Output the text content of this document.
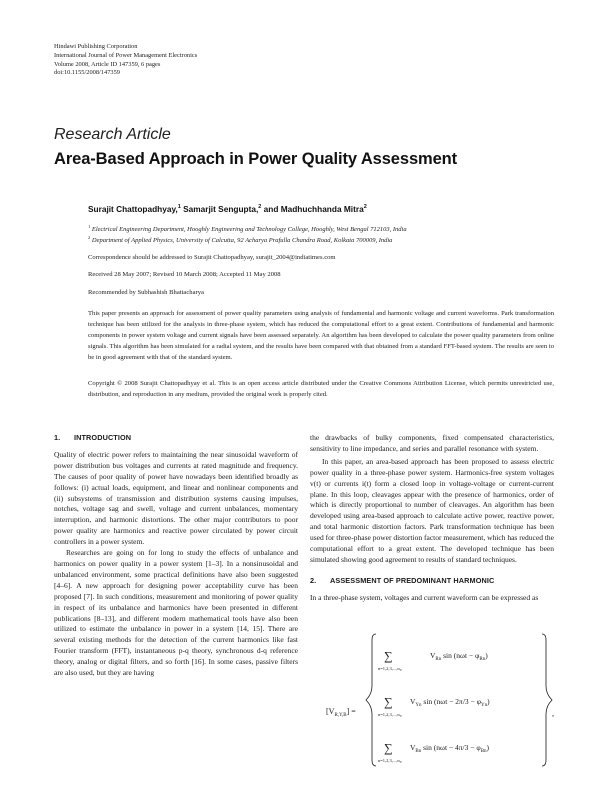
Hindawi Publishing Corporation
International Journal of Power Management Electronics
Volume 2008, Article ID 147359, 6 pages
doi:10.1155/2008/147359
Research Article
Area-Based Approach in Power Quality Assessment
Surajit Chattopadhyay,$^1$ Samarjit Sengupta,$^2$ and Madhuchhanda Mitra$^2$
$^1$ Electrical Engineering Department, Hooghly Engineering and Technology College, Hooghly, West Bengal 712103, India
$^2$ Department of Applied Physics, University of Calcutta, 92 Acharya Prafulla Chandra Road, Kolkata 700009, India
Correspondence should be addressed to Surajit Chattopadhyay, surajit_2004@indiatimes.com
Received 28 May 2007; Revised 10 March 2008; Accepted 11 May 2008
Recommended by Subhashish Bhattacharya
This paper presents an approach for assessment of power quality parameters using analysis of fundamental and harmonic voltage and current waveforms. Park transformation technique has been utilized for the analysis in three-phase system, which has reduced the computational effort to a great extent. Contributions of fundamental and harmonic components in power system voltage and current signals have been assessed separately. An algorithm has been developed to calculate the power quality parameters from online signals. This algorithm has been simulated for a radial system, and the results have been compared with that obtained from a standard FFT-based system. The results are seen to be in good agreement with that of the standard system.
Copyright © 2008 Surajit Chattopadhyay et al. This is an open access article distributed under the Creative Commons Attribution License, which permits unrestricted use, distribution, and reproduction in any medium, provided the original work is properly cited.

1. INTRODUCTION

Quality of electric power refers to maintaining the near sinusoidal waveform of power distribution bus voltages and currents at rated magnitude and frequency. The causes of poor quality of power have nowadays been identified broadly as follows: (i) actual loads, equipment, and linear and nonlinear components and (ii) subsystems of transmission and distribution systems causing impulses, notches, voltage sag and swell, voltage and current unbalances, momentary interruption, and harmonic distortions. The other major contributors to poor power quality are harmonics and reactive power circulated by power circuit controllers in a power system.

Researches are going on for long to study the effects of unbalance and harmonics on power quality in a power system [1–3]. In a nonsinusoidal and unbalanced environment, some practical definitions have also been suggested [4–6]. A new approach for designing power acceptability curve has been proposed [7]. In such conditions, measurement and monitoring of power quality in respect of its unbalance and harmonics have been presented in different publications [8–13], and different modern mathematical tools have also been utilized to estimate the unbalance in power in a system [14, 15]. There are several existing methods for the detection of the current harmonics like fast Fourier transform (FFT), instantaneous p-q theory, synchronous d-q reference theory, analog or digital filters, and so forth [16]. In some cases, passive filters are also used, but they are having

the drawbacks of bulky components, fixed compensated characteristics, sensitivity to line impedance, and series and parallel resonance with system.

In this paper, an area-based approach has been proposed to assess electric power quality in a three-phase power system. Harmonics-free system voltages v(t) or currents i(t) form a closed loop in voltage-voltage or current-current plane. In this loop, cleavages appear with the presence of harmonics, order of which is directly proportional to number of cleavages. An algorithm has been developed using area-based approach to calculate active power, reactive power, and total harmonic distortion factors. Park transformation technique has been used for three-phase power distortion factor measurement, which has reduced the computational effort to a great extent. The developed technique has been simulated showing good agreement to results of standard techniques.

2. ASSESSMENT OF PREDOMINANT HARMONIC

In a three-phase system, voltages and current waveform can be expressed as

$[V_{R,Y,B}]$ =	,
∑
$n=1,2,3,...,n_V$
$V_{Rn}$ $\sin (n\omega t - \varphi_{Rn})$
∑
$n=1,2,3,...,n_V$
$V_{Yn}$ $\sin (n\omega t - 2\pi/3 - \varphi_{Yn})$
∑
$n=1,2,3,...,n_V$
$V_{Bn}$ $\sin (n\omega t - 4\pi/3 - \varphi_{Bn})$
